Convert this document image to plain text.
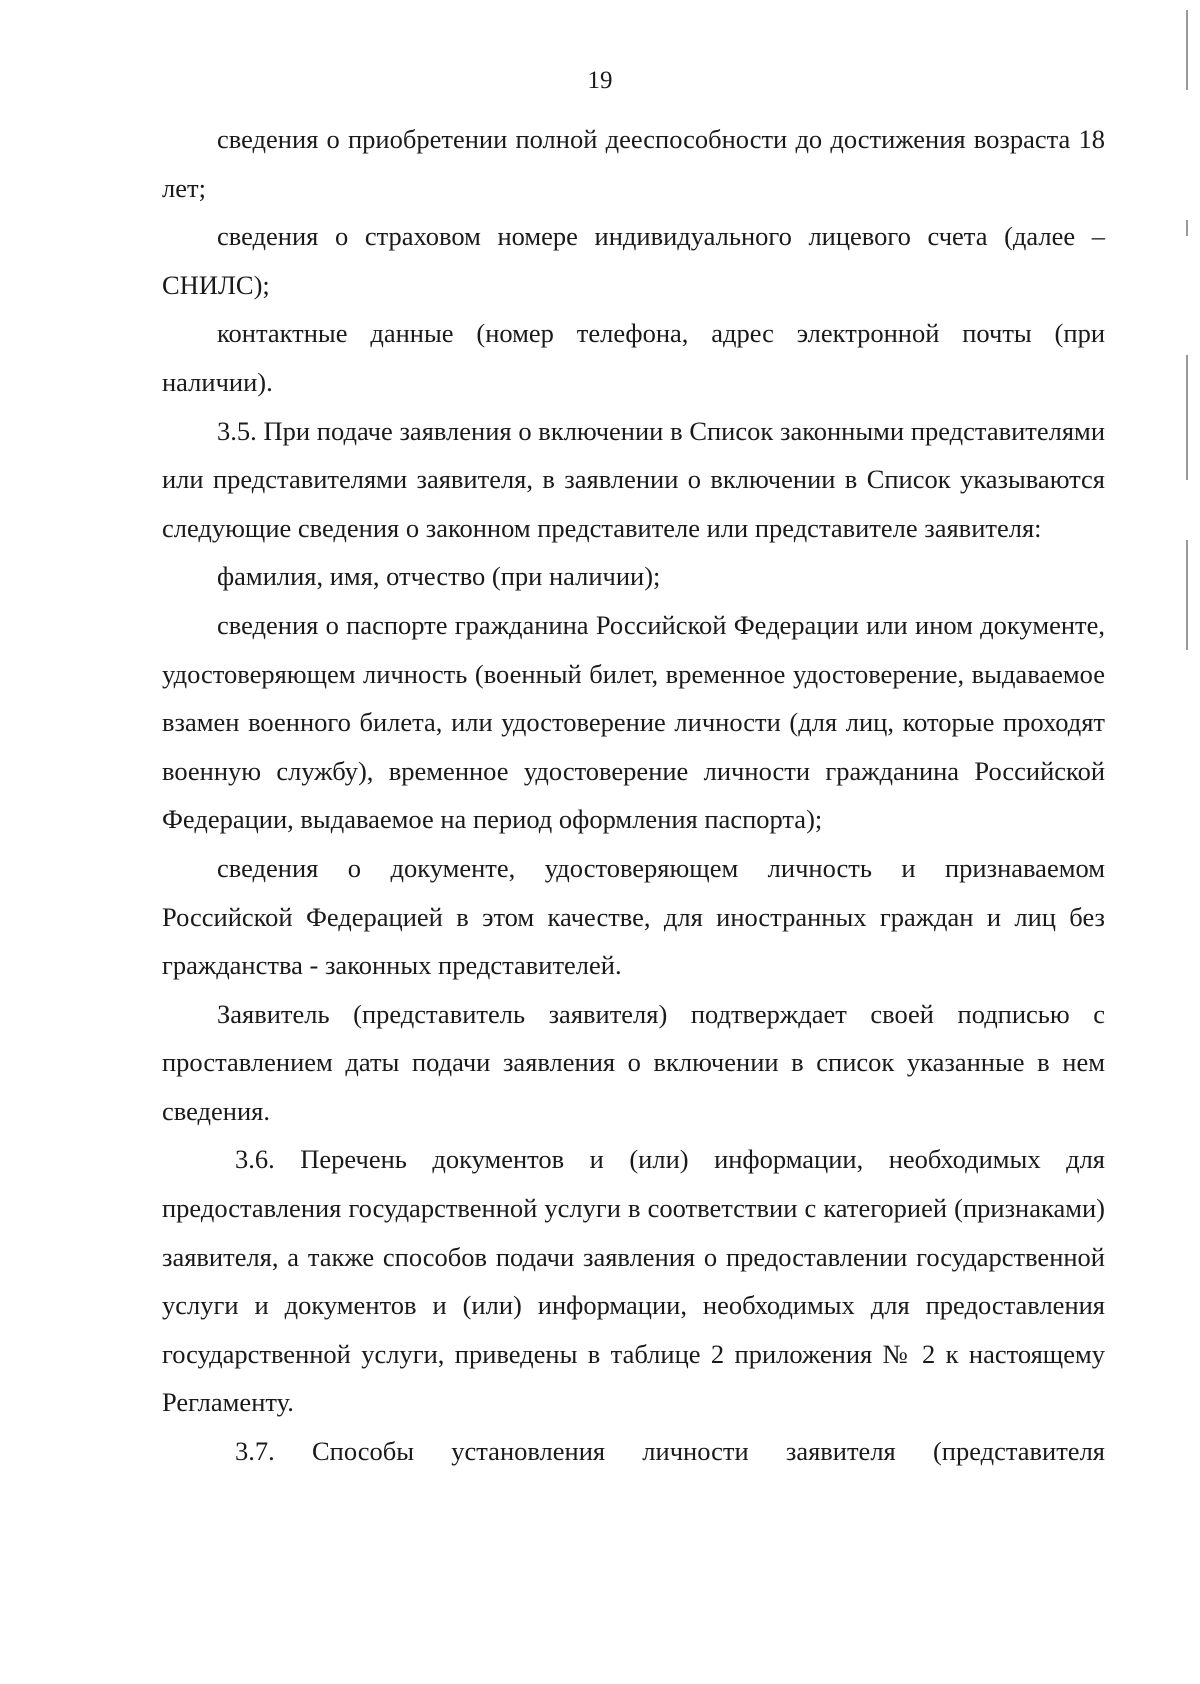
19

сведения о приобретении полной дееспособности до достижения возраста 18 лет;

сведения о страховом номере индивидуального лицевого счета (далее – СНИЛС);

контактные данные (номер телефона, адрес электронной почты (при наличии).

3.5. При подаче заявления о включении в Список законными представителями или представителями заявителя, в заявлении о включении в Список указываются следующие сведения о законном представителе или представителе заявителя:

фамилия, имя, отчество (при наличии);

сведения о паспорте гражданина Российской Федерации или ином документе, удостоверяющем личность (военный билет, временное удостоверение, выдаваемое взамен военного билета, или удостоверение личности (для лиц, которые проходят военную службу), временное удостоверение личности гражданина Российской Федерации, выдаваемое на период оформления паспорта);

сведения о документе, удостоверяющем личность и признаваемом Российской Федерацией в этом качестве, для иностранных граждан и лиц без гражданства - законных представителей.

Заявитель (представитель заявителя) подтверждает своей подписью с проставлением даты подачи заявления о включении в список указанные в нем сведения.

3.6. Перечень документов и (или) информации, необходимых для предоставления государственной услуги в соответствии с категорией (признаками) заявителя, а также способов подачи заявления о предоставлении государственной услуги и документов и (или) информации, необходимых для предоставления государственной услуги, приведены в таблице 2 приложения № 2 к настоящему Регламенту.

3.7. Способы установления личности заявителя (представителя
